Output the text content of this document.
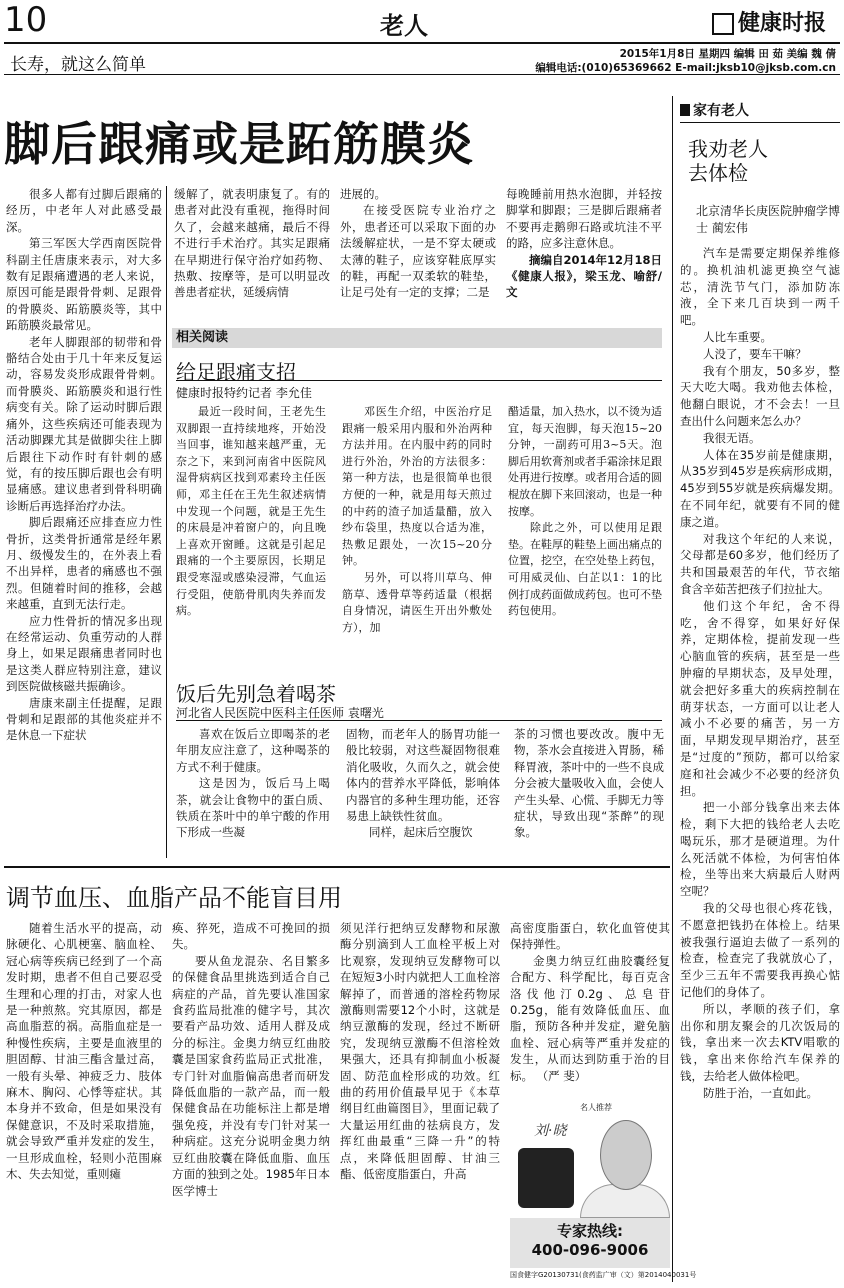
10	老人	健康时报
长寿，就这么简单
2015年1月8日 星期四 编辑 田 茹 美编 魏 倩
编辑电话:(010)65369662 E-mail:jksb10@jksb.com.cn
脚后跟痛或是跖筋膜炎

很多人都有过脚后跟痛的经历，中老年人对此感受最深。

第三军医大学西南医院骨科副主任唐康来表示，对大多数有足跟痛遭遇的老人来说，原因可能是跟骨骨刺、足跟骨的骨膜炎、跖筋膜炎等，其中跖筋膜炎最常见。

老年人脚跟部的韧带和骨骼结合处由于几十年来反复运动，容易发炎形成跟骨骨刺。而骨膜炎、跖筋膜炎和退行性病变有关。除了运动时脚后跟痛外，这些疾病还可能表现为活动脚踝尤其是做脚尖往上脚后跟往下动作时有针刺的感觉，有的按压脚后跟也会有明显痛感。建议患者到骨科明确诊断后再选择治疗办法。

脚后跟痛还应排查应力性骨折，这类骨折通常是经年累月、级慢发生的，在外表上看不出异样，患者的痛感也不强烈。但随着时间的推移，会越来越重，直到无法行走。

应力性骨折的情况多出现在经常运动、负重劳动的人群身上，如果足跟痛患者同时也是这类人群应特别注意，建议到医院做核磁共振确诊。

唐康来副主任提醒，足跟骨刺和足跟部的其他炎症并不是休息一下症状

缓解了，就表明康复了。有的患者对此没有重视，拖得时间久了，会越来越痛，最后不得不进行手术治疗。其实足跟痛在早期进行保守治疗如药物、热敷、按摩等，是可以明显改善患者症状，延缓病情

进展的。

在接受医院专业治疗之外，患者还可以采取下面的办法缓解症状，一是不穿太硬或太薄的鞋子，应该穿鞋底厚实的鞋，再配一双柔软的鞋垫，让足弓处有一定的支撑；二是

每晚睡前用热水泡脚，并轻按脚掌和脚跟；三是脚后跟痛者不要再走鹅卵石路或坑洼不平的路，应多注意休息。

摘编自2014年12月18日《健康人报》，梁玉龙、喻舒/文

相关阅读
给足跟痛支招
健康时报特约记者 李允佳

最近一段时间，王老先生双脚跟一直持续地疼，开始没当回事，谁知越来越严重，无奈之下，来到河南省中医院风湿骨病病区找到邓素玲主任医师，邓主任在王先生叙述病情中发现一个问题，就是王先生的床晨是冲着窗户的，向且晚上喜欢开窗睡。这就是引起足跟痛的一个主要原因，长期足跟受寒湿或感染浸滞，气血运行受阻，使筋骨肌肉失养而发病。

邓医生介绍，中医治疗足跟痛一般采用内服和外治两种方法并用。在内服中药的同时进行外治，外治的方法很多：第一种方法，也是很简单也很方便的一种，就是用每天煎过的中药的渣子加适量醋，放入纱布袋里，热度以合适为准，热敷足跟处，一次15~20分钟。

另外，可以将川草乌、伸筋草、透骨草等药适量（根据自身情况，请医生开出外敷处方），加

醋适量，加入热水，以不烫为适宜，每天泡脚，每天泡15~20分钟，一副药可用3~5天。泡脚后用软膏剂或者手霜涂抹足跟处再进行按摩。或者用合适的圆棍放在脚下来回滚动，也是一种按摩。

除此之外，可以使用足跟垫。在鞋厚的鞋垫上画出痛点的位置，挖空，在空处垫上药包，可用威灵仙、白芷以1：1的比例打成药面做成药包。也可不垫药包使用。

饭后先别急着喝茶
河北省人民医院中医科主任医师 袁曙光

喜欢在饭后立即喝茶的老年朋友应注意了，这种喝茶的方式不利于健康。

这是因为，饭后马上喝茶，就会让食物中的蛋白质、铁质在茶叶中的单宁酸的作用下形成一些凝

固物，而老年人的肠胃功能一般比较弱，对这些凝固物很难消化吸收，久而久之，就会使体内的营养水平降低，影响体内器官的多种生理功能，还容易患上缺铁性贫血。

同样，起床后空腹饮

茶的习惯也要改改。腹中无物，茶水会直接进入胃肠，稀释胃液，茶叶中的一些不良成分会被大量吸收入血，会使人产生头晕、心慌、手脚无力等症状，导致出现“茶醉”的现象。

调节血压、血脂产品不能盲目用

随着生活水平的提高，动脉硬化、心肌梗塞、脑血栓、冠心病等疾病已经到了一个高发时期，患者不但自己要忍受生理和心理的打击，对家人也是一种煎熬。究其原因，都是高血脂惹的祸。高脂血症是一种慢性疾病，主要是血液里的胆固醇、甘油三酯含量过高，一般有头晕、神疲乏力、肢体麻木、胸闷、心悸等症状。其本身并不致命，但是如果没有保健意识，不及时采取措施，就会导致严重并发症的发生，一旦形成血栓，轻则小范围麻木、失去知觉，重则瘫

痪、猝死，造成不可挽回的损失。

要从鱼龙混杂、名目繁多的保健食品里挑选到适合自己病症的产品，首先要认准国家食药监局批准的健字号，其次要看产品功效、适用人群及成分的标注。金奥力纳豆红曲胶囊是国家食药监局正式批准，专门针对血脂偏高患者而研发降低血脂的一款产品，而一般保健食品在功能标注上都是增强免疫，并没有专门针对某一种病症。这充分说明金奥力纳豆红曲胶囊在降低血脂、血压方面的独到之处。1985年日本医学博士

须见洋行把纳豆发酵物和尿激酶分别滴到人工血栓平板上对比观察，发现纳豆发酵物可以在短短3小时内就把人工血栓溶解掉了，而普通的溶栓药物尿激酶则需要12个小时，这就是纳豆激酶的发现，经过不断研究，发现纳豆激酶不但溶栓效果强大，还具有抑制血小板凝固、防范血栓形成的功效。红曲的药用价值最早见于《本草纲目红曲篇图目》，里面记载了大量运用红曲的祛病良方，发挥红曲最重“三降一升”的特点，来降低胆固醇、甘油三酯、低密度脂蛋白，升高

高密度脂蛋白，软化血管使其保持弹性。

金奥力纳豆红曲胶囊经复合配方、科学配比，每百克含洛伐他汀0.2g、总皂苷0.25g，能有效降低血压、血脂，预防各种并发症，避免脑血栓、冠心病等严重并发症的发生，从而达到防重于治的目标。 （严 斐）

名人推荐
刘·晓
专家热线:
400-096-9006
国食健字G20130731(食药监广审（文）第2014040031号
家有老人
我劝老人去体检
北京清华长庚医院肿瘤学博士 蔺宏伟

汽车是需要定期保养维修的。换机油机滤更换空气滤芯，清洗节气门，添加防冻液，全下来几百块到一两千吧。

人比车重要。

人没了，要车干嘛？

我有个朋友，50多岁，整天大吃大喝。我劝他去体检，他翻白眼说，才不会去！一旦查出什么问题来怎么办？

我很无语。

人体在35岁前是健康期，从35岁到45岁是疾病形成期，45岁到55岁就是疾病爆发期。在不同年纪，就要有不同的健康之道。

对我这个年纪的人来说，父母都是60多岁，他们经历了共和国最艰苦的年代，节衣缩食含辛茹苦把孩子们拉扯大。

他们这个年纪，舍不得吃，舍不得穿，如果好好保养，定期体检，提前发现一些心脑血管的疾病，甚至是一些肿瘤的早期状态，及早处理，就会把好多重大的疾病控制在萌芽状态，一方面可以让老人减小不必要的痛苦，另一方面，早期发现早期治疗，甚至是“过度的”预防，都可以给家庭和社会减少不必要的经济负担。

把一小部分钱拿出来去体检，剩下大把的钱给老人去吃喝玩乐，那才是硬道理。为什么死活就不体检，为何害怕体检，坐等出来大病最后人财两空呢？

我的父母也很心疼花钱，不愿意把钱扔在体检上。结果被我强行逼迫去做了一系列的检查，检查完了我就放心了，至少三五年不需要我再换心惦记他们的身体了。

所以，孝顺的孩子们，拿出你和朋友聚会的几次饭局的钱，拿出来一次去KTV唱歌的钱，拿出来你给汽车保养的钱，去给老人做体检吧。

防胜于治，一直如此。
